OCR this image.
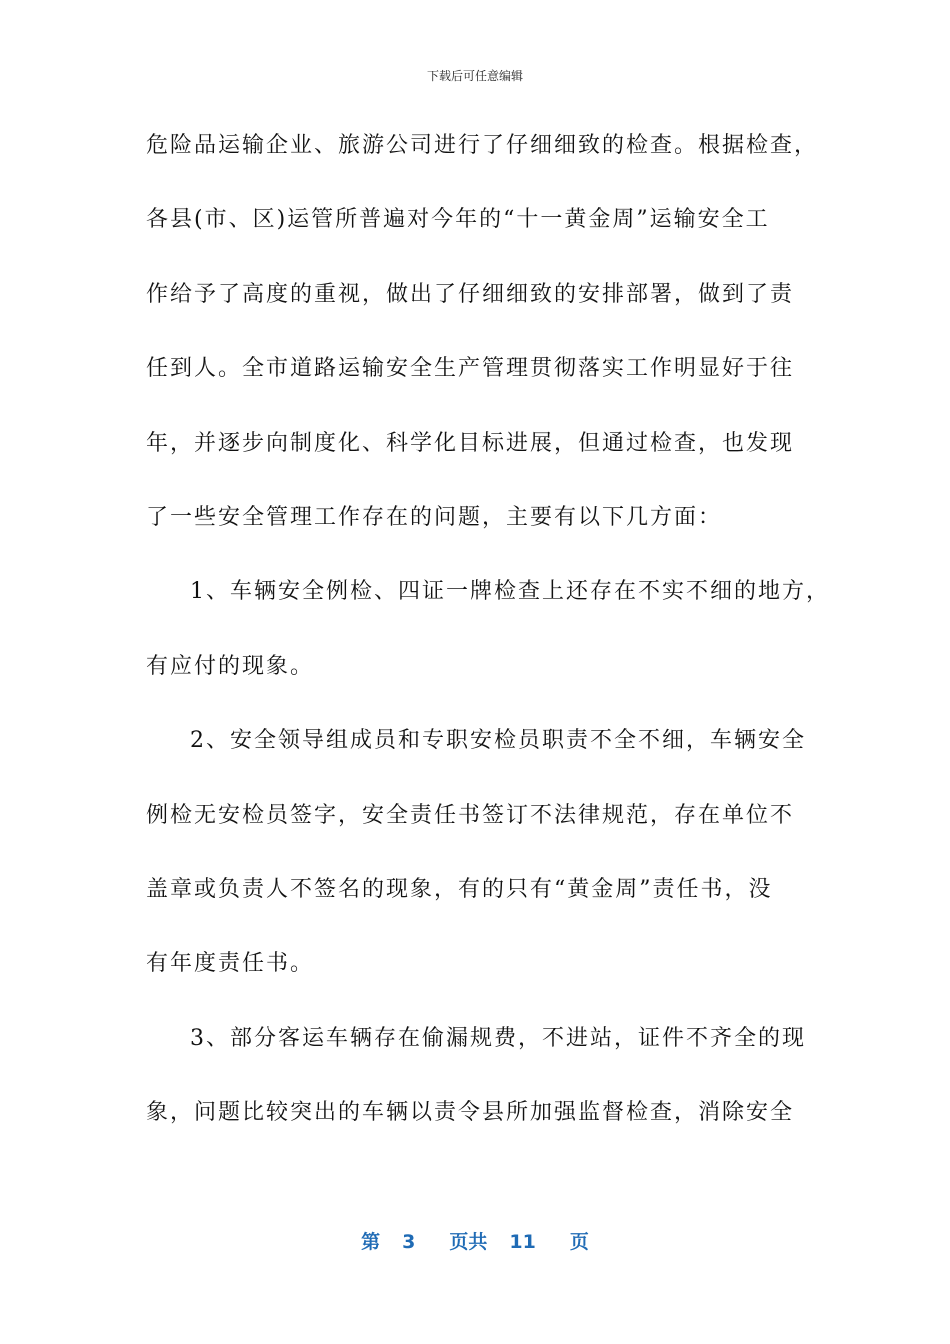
下载后可任意编辑
危险品运输企业、旅游公司进行了仔细细致的检查。根据检查，
各县(市、区)运管所普遍对今年的“十一黄金周”运输安全工
作给予了高度的重视，做出了仔细细致的安排部署，做到了责
任到人。全市道路运输安全生产管理贯彻落实工作明显好于往
年，并逐步向制度化、科学化目标进展，但通过检查，也发现
了一些安全管理工作存在的问题，主要有以下几方面：
1、车辆安全例检、四证一牌检查上还存在不实不细的地方，
有应付的现象。
2、安全领导组成员和专职安检员职责不全不细，车辆安全
例检无安检员签字，安全责任书签订不法律规范，存在单位不
盖章或负责人不签名的现象，有的只有“黄金周”责任书，没
有年度责任书。
3、部分客运车辆存在偷漏规费，不进站，证件不齐全的现
象，问题比较突出的车辆以责令县所加强监督检查，消除安全
第 3 页共 11 页
